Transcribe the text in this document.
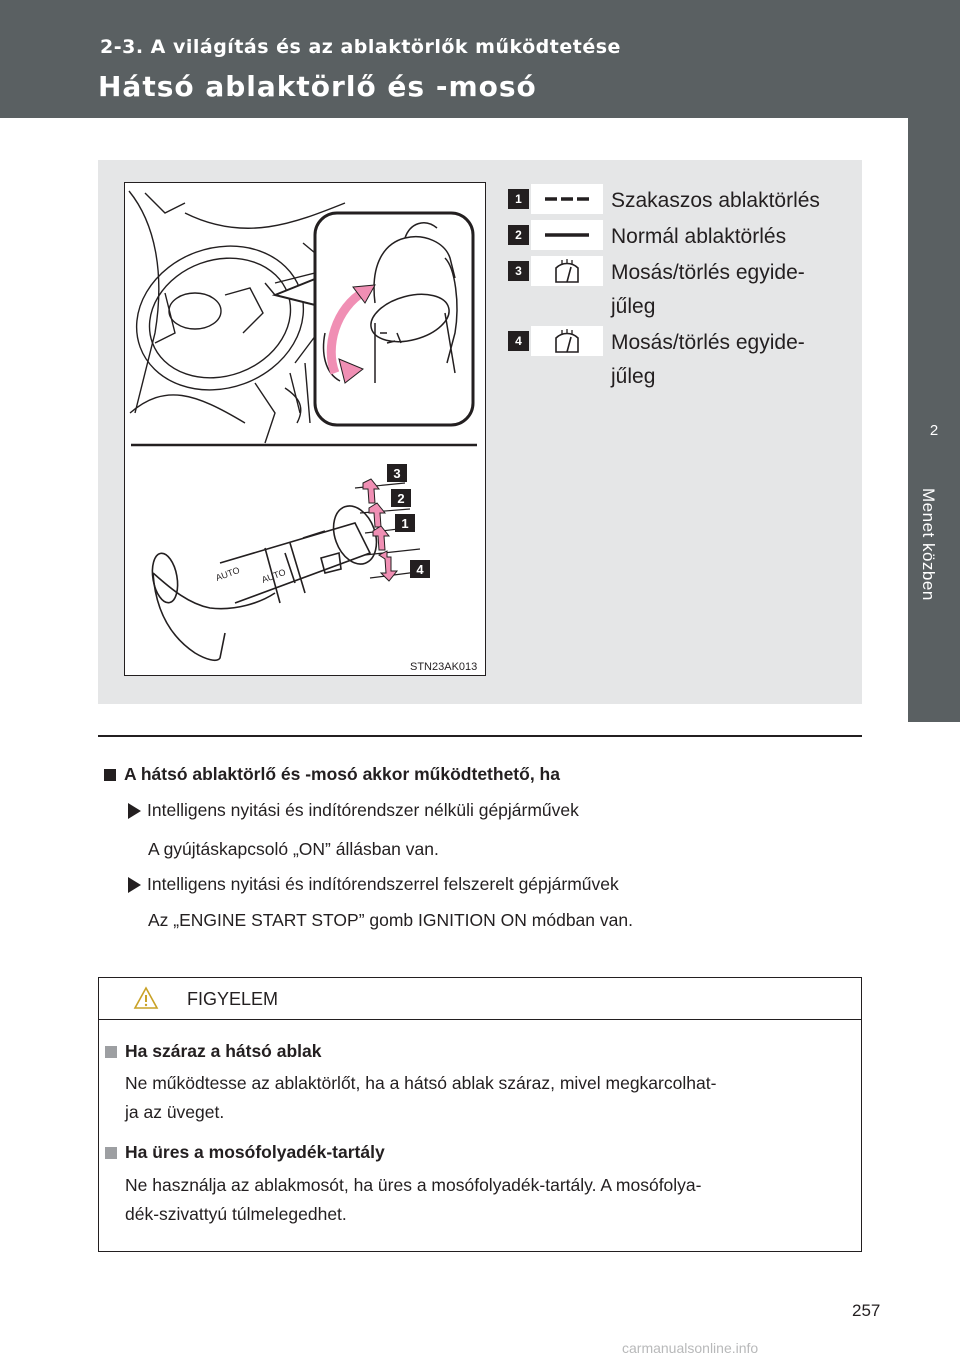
2-3. A világítás és az ablaktörlők működtetése
Hátsó ablaktörlő és -mosó
2
Menet közben
AUTO AUTO
3
2
1
4
STN23AK013
1	Szakaszos ablaktörlés
2	Normál ablaktörlés
3	Mosás/törlés egyide-
jűleg
4	Mosás/törlés egyide-
jűleg
A hátsó ablaktörlő és -mosó akkor működtethető, ha
Intelligens nyitási és indítórendszer nélküli gépjárművek
A gyújtáskapcsoló „ON” állásban van.
Intelligens nyitási és indítórendszerrel felszerelt gépjárművek
Az „ENGINE START STOP” gomb IGNITION ON módban van.
FIGYELEM
Ha száraz a hátsó ablak
Ne működtesse az ablaktörlőt, ha a hátsó ablak száraz, mivel megkarcolhat-
ja az üveget.
Ha üres a mosófolyadék-tartály
Ne használja az ablakmosót, ha üres a mosófolyadék-tartály. A mosófolya-
dék-szivattyú túlmelegedhet.
257
carmanualsonline.info
